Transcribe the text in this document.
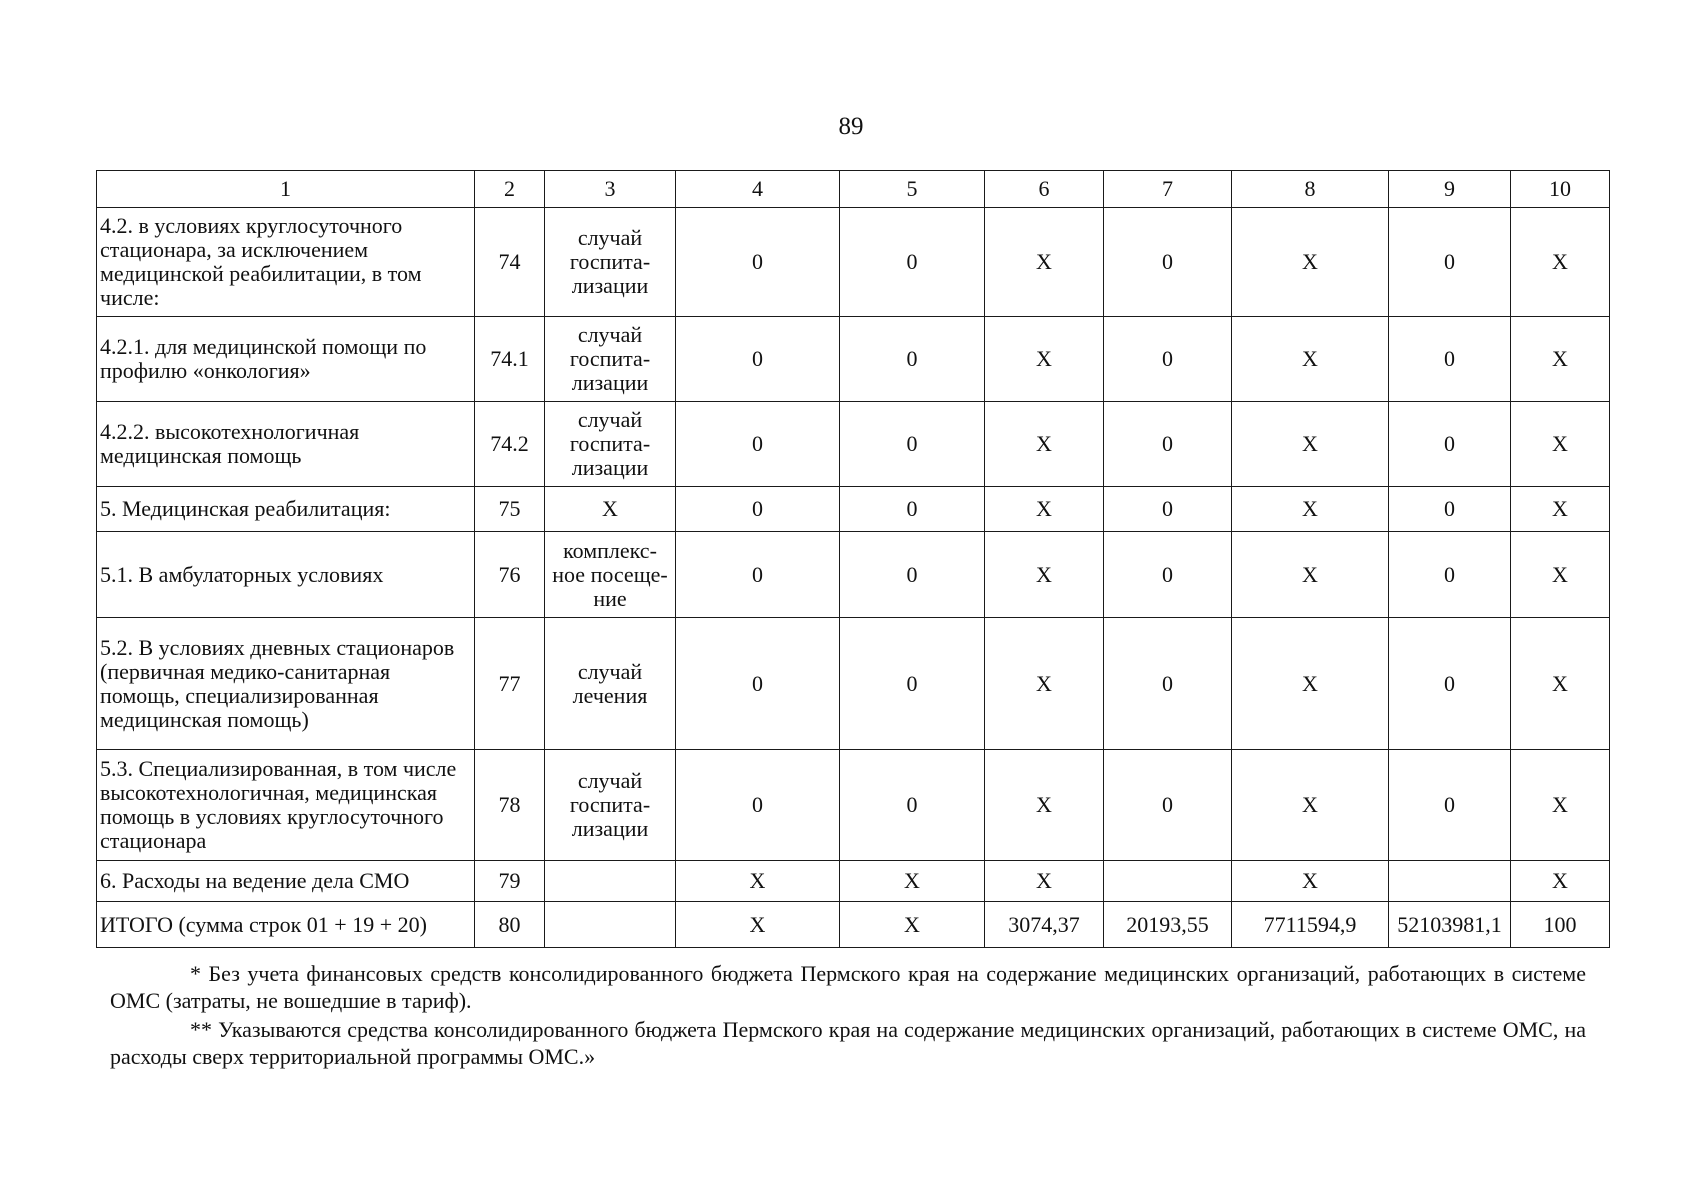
89
1	2	3	4	5	6	7	8	9	10
4.2. в условиях круглосуточного стационара, за исключением медицинской реабилитации, в том числе:	74	случай госпита-лизации	0	0	X	0	X	0	X
4.2.1. для медицинской помощи по профилю «онкология»	74.1	случай госпита-лизации	0	0	X	0	X	0	X
4.2.2. высокотехнологичная медицинская помощь	74.2	случай госпита-лизации	0	0	X	0	X	0	X
5. Медицинская реабилитация:	75	X	0	0	X	0	X	0	X
5.1. В амбулаторных условиях	76	комплекс-ное посеще-ние	0	0	X	0	X	0	X
5.2. В условиях дневных стационаров (первичная медико-санитарная помощь, специализированная медицинская помощь)	77	случай лечения	0	0	X	0	X	0	X
5.3. Специализированная, в том числе высокотехнологичная, медицинская помощь в условиях круглосуточного стационара	78	случай госпита-лизации	0	0	X	0	X	0	X
6. Расходы на ведение дела СМО	79		X	X	X		X		X
ИТОГО (сумма строк 01 + 19 + 20)	80		X	X	3074,37	20193,55	7711594,9	52103981,1	100

* Без учета финансовых средств консолидированного бюджета Пермского края на содержание медицинских организаций, работающих в системе ОМС (затраты, не вошедшие в тариф).

** Указываются средства консолидированного бюджета Пермского края на содержание медицинских организаций, работающих в системе ОМС, на расходы сверх территориальной программы ОМС.»
